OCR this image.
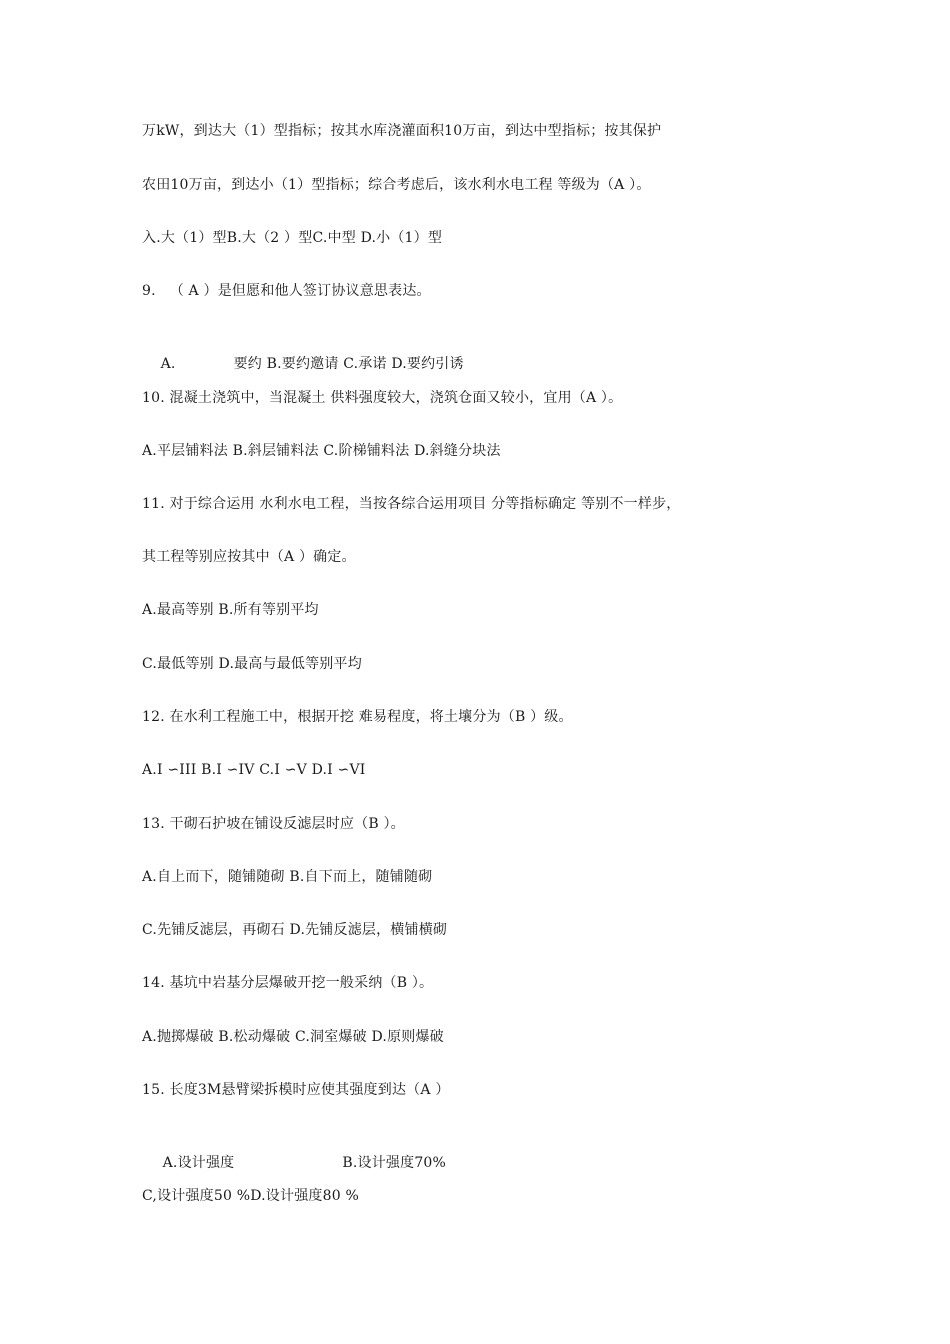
万kW，到达大（1）型指标；按其水库浇灌面积10万亩，到达中型指标；按其保护
农田10万亩，到达小（1）型指标；综合考虑后，该水利水电工程 等级为（A ）。
入.大（1）型B.大（2 ）型C.中型 D.小（1）型
9.   （ A ）是但愿和他人签订协议意思表达。

A.	要约 B.要约邀请 C.承诺 D.要约引诱

10. 混凝土浇筑中，当混凝土 供料强度较大，浇筑仓面又较小，宜用（A ）。
A.平层铺料法 B.斜层铺料法 C.阶梯铺料法 D.斜缝分块法
11. 对于综合运用 水利水电工程，当按各综合运用项目 分等指标确定 等别不一样步，
其工程等别应按其中（A ）确定。
A.最高等别 B.所有等别平均
C.最低等别 D.最高与最低等别平均
12. 在水利工程施工中，根据开挖 难易程度，将土壤分为（B ）级。
A.I ∽III B.I ∽IV C.I ∽V D.I ∽VI
13. 干砌石护坡在铺设反滤层时应（B ）。
A.自上而下，随铺随砌 B.自下而上，随铺随砌
C.先铺反滤层，再砌石 D.先铺反滤层，横铺横砌
14. 基坑中岩基分层爆破开挖一般采纳（B ）。
A.抛掷爆破 B.松动爆破 C.洞室爆破 D.原则爆破
15. 长度3M悬臂梁拆模时应使其强度到达（A ）

A.设计强度	B.设计强度70%

C,设计强度50 %D.设计强度80 %
